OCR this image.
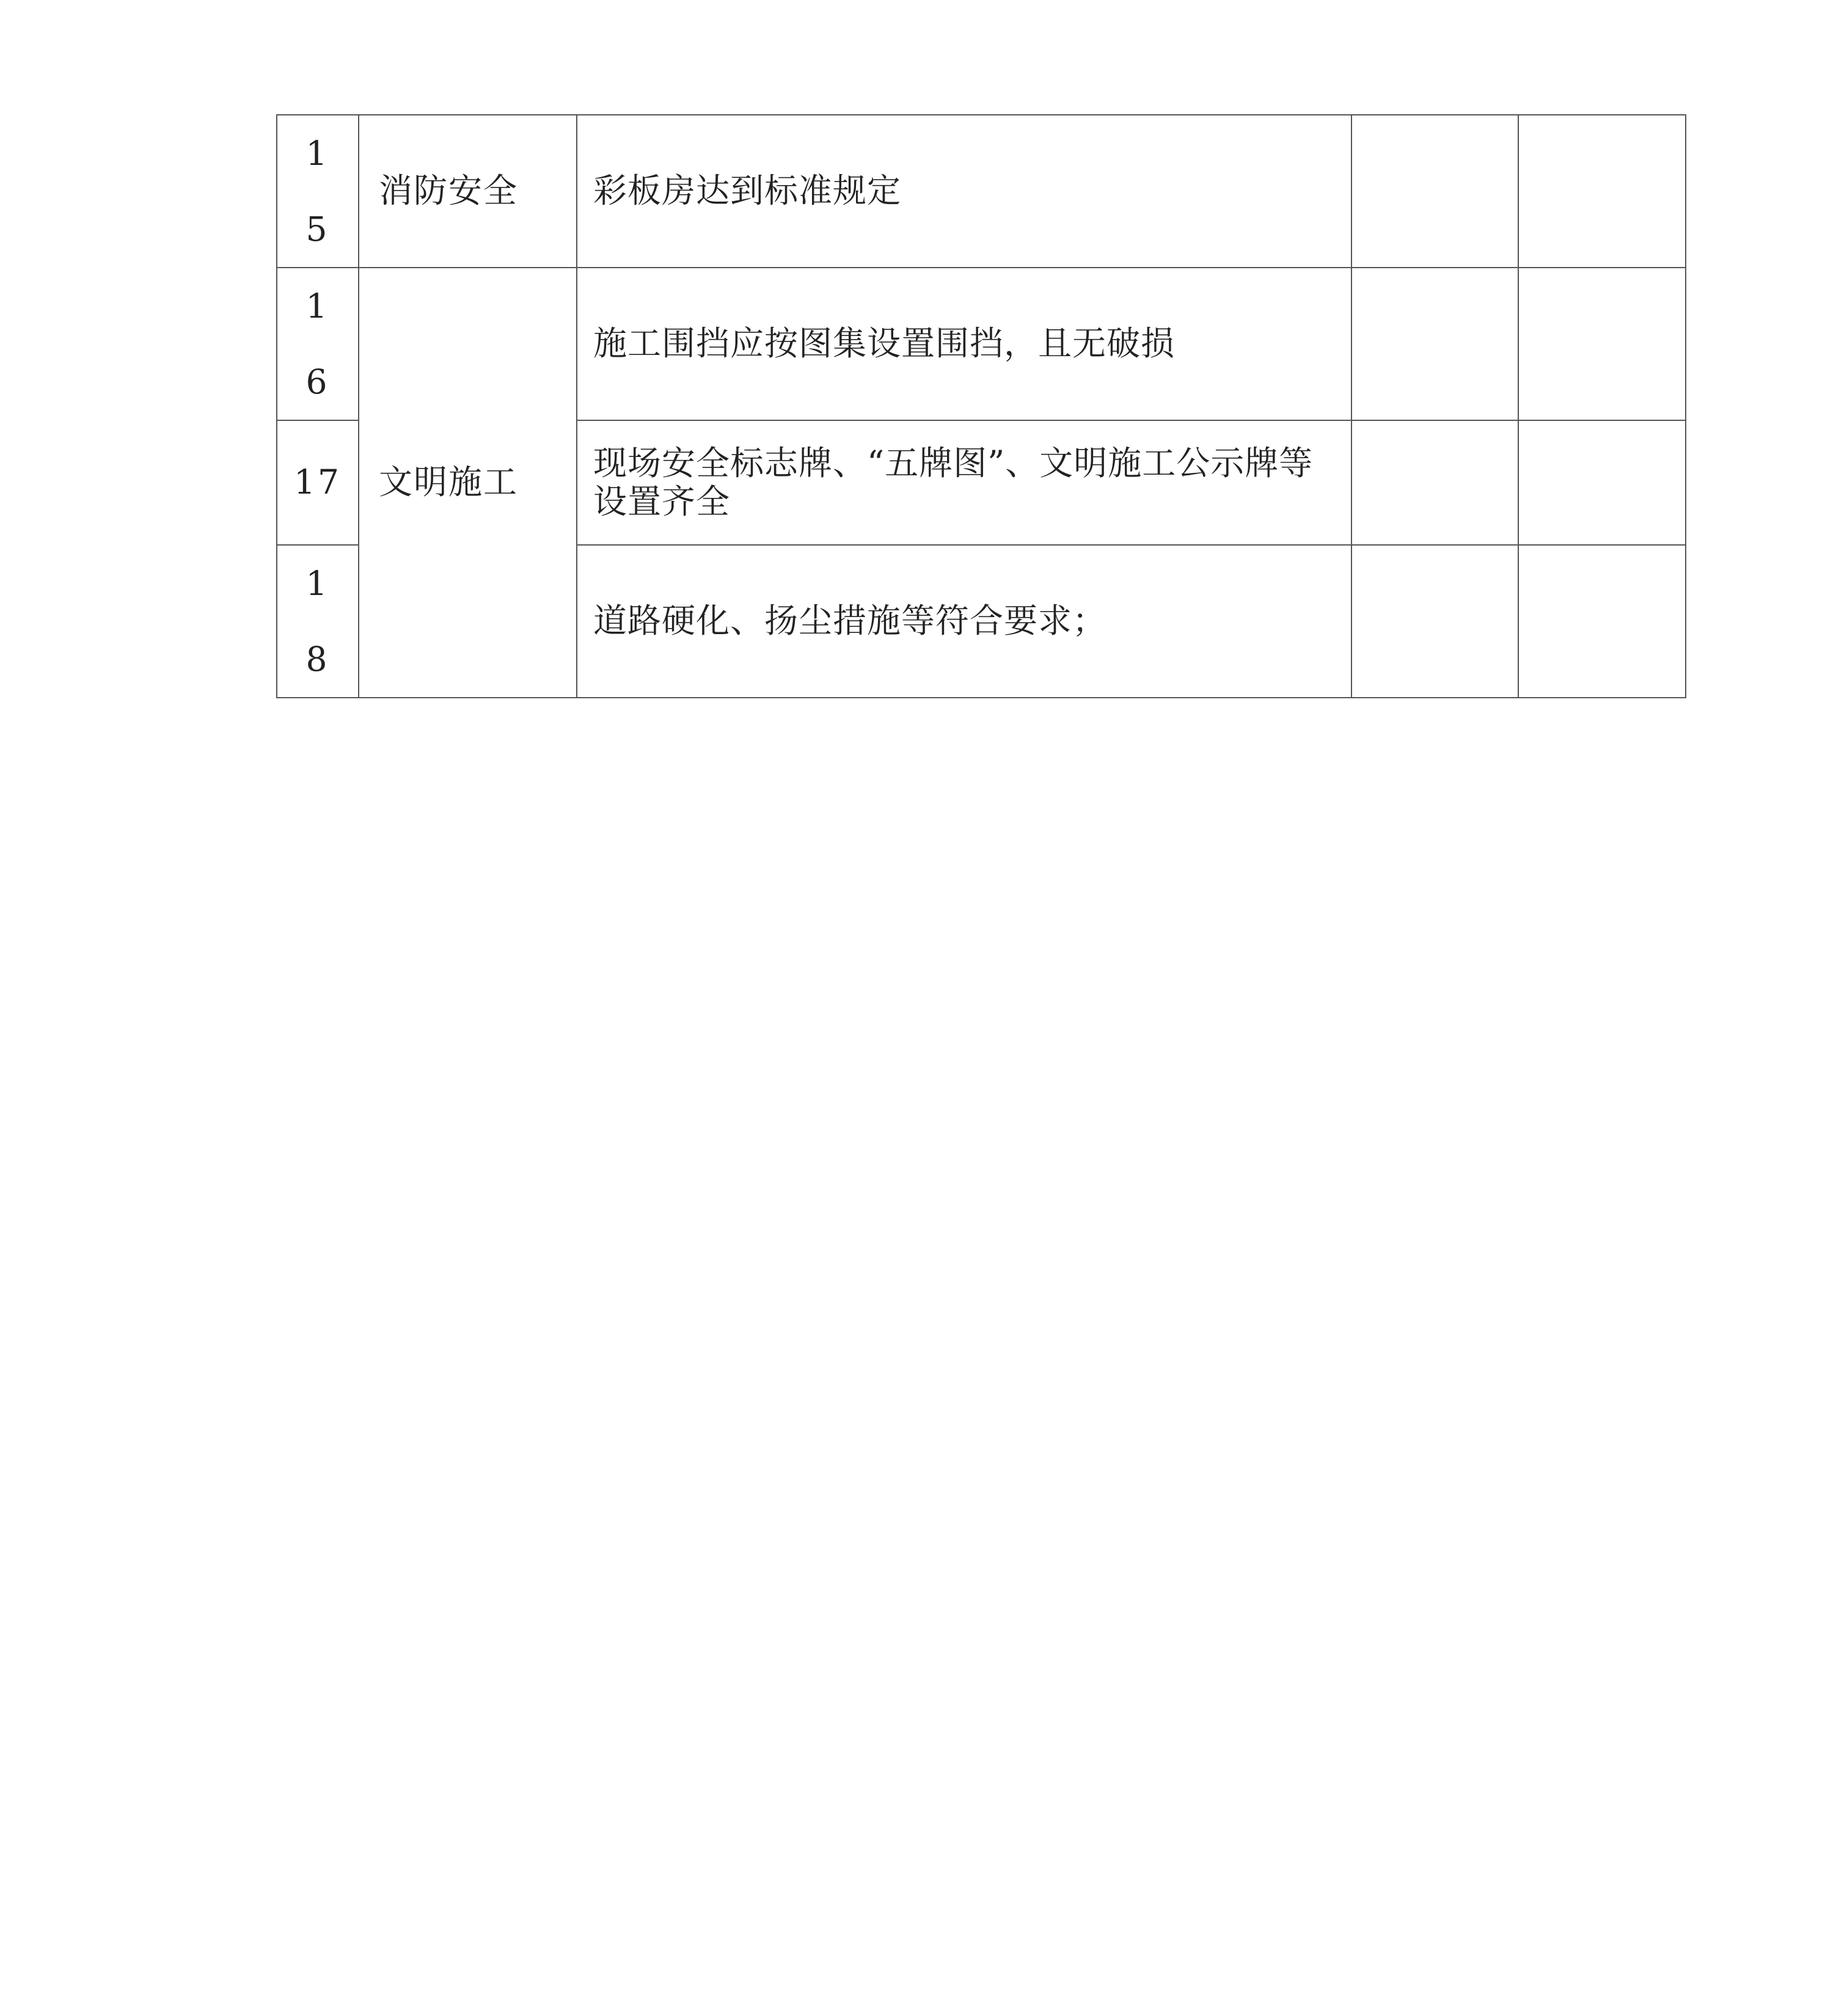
1
5	消防安全	彩板房达到标准规定		

1
6	文明施工	施工围挡应按图集设置围挡，且无破损		
17		现场安全标志牌、“五牌图”、文明施工公示牌等设置齐全		

1
8		道路硬化、扬尘措施等符合要求；		
